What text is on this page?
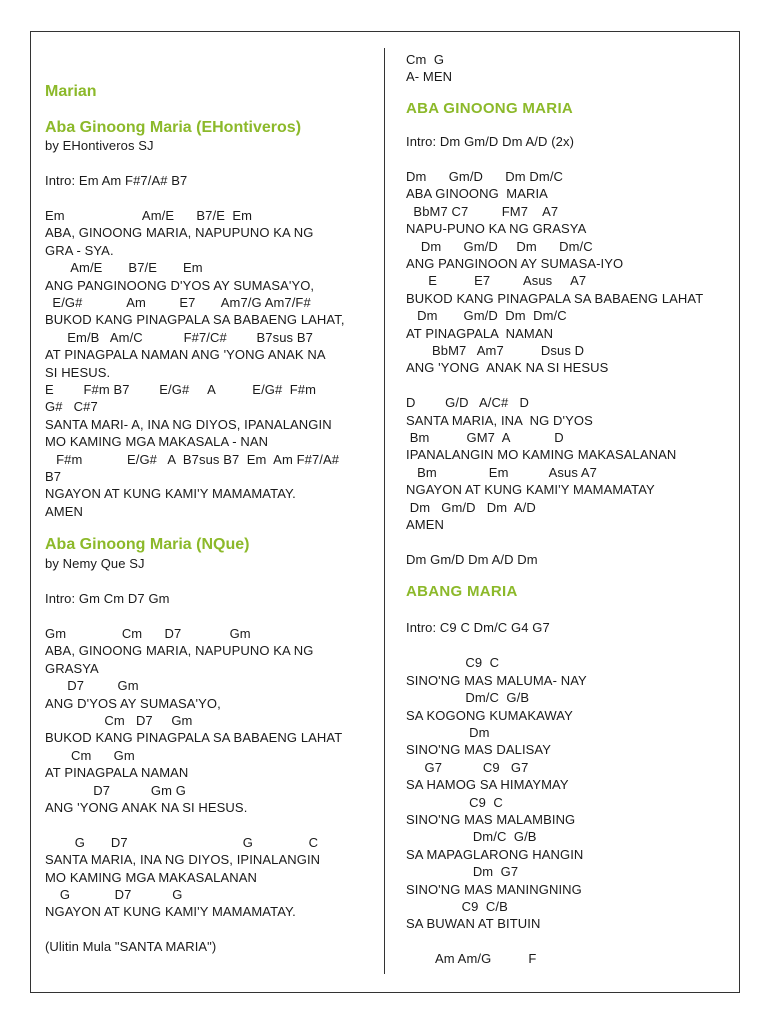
Marian
Aba Ginoong Maria (EHontiveros)
by EHontiveros SJ
Intro: Em Am F#7/A# B7
Em                     Am/E      B7/E  Em
ABA, GINOONG MARIA, NAPUPUNO KA NG
GRA - SYA.
Am/E       B7/E       Em
ANG PANGINOONG D'YOS AY SUMASA'YO,
E/G#            Am         E7       Am7/G Am7/F#
BUKOD KANG PINAGPALA SA BABAENG LAHAT,
Em/B   Am/C           F#7/C#        B7sus B7
AT PINAGPALA NAMAN ANG 'YONG ANAK NA
SI HESUS.
E        F#m B7        E/G#     A          E/G#  F#m
G#   C#7
SANTA MARI- A, INA NG DIYOS, IPANALANGIN
MO KAMING MGA MAKASALA - NAN
F#m            E/G#   A  B7sus B7  Em  Am F#7/A#
B7
NGAYON AT KUNG KAMI'Y MAMAMATAY.
AMEN
Aba Ginoong Maria (NQue)
by Nemy Que SJ
Intro: Gm Cm D7 Gm
Gm               Cm      D7             Gm
ABA, GINOONG MARIA, NAPUPUNO KA NG
GRASYA
D7         Gm
ANG D'YOS AY SUMASA'YO,
Cm   D7     Gm
BUKOD KANG PINAGPALA SA BABAENG LAHAT
Cm      Gm
AT PINAGPALA NAMAN
D7           Gm G
ANG 'YONG ANAK NA SI HESUS.
G       D7                               G               C
SANTA MARIA, INA NG DIYOS, IPINALANGIN
MO KAMING MGA MAKASALANAN
G            D7           G
NGAYON AT KUNG KAMI'Y MAMAMATAY.
(Ulitin Mula "SANTA MARIA")
Cm  G
A- MEN
ABA GINOONG MARIA
Intro: Dm Gm/D Dm A/D (2x)
Dm      Gm/D      Dm Dm/C
ABA GINOONG  MARIA
BbM7 C7         FM7    A7
NAPU-PUNO KA NG GRASYA
Dm      Gm/D     Dm      Dm/C
ANG PANGINOON AY SUMASA-IYO
E          E7         Asus     A7
BUKOD KANG PINAGPALA SA BABAENG LAHAT
Dm       Gm/D  Dm  Dm/C
AT PINAGPALA  NAMAN
BbM7   Am7          Dsus D
ANG 'YONG  ANAK NA SI HESUS
D        G/D   A/C#   D
SANTA MARIA, INA  NG D'YOS
Bm          GM7  A            D
IPANALANGIN MO KAMING MAKASALANAN
Bm              Em           Asus A7
NGAYON AT KUNG KAMI'Y MAMAMATAY
Dm   Gm/D   Dm  A/D
AMEN
Dm Gm/D Dm A/D Dm
ABANG MARIA
Intro: C9 C Dm/C G4 G7
C9  C
SINO'NG MAS MALUMA- NAY
Dm/C  G/B
SA KOGONG KUMAKAWAY
Dm
SINO'NG MAS DALISAY
G7           C9   G7
SA HAMOG SA HIMAYMAY
C9  C
SINO'NG MAS MALAMBING
Dm/C  G/B
SA MAPAGLARONG HANGIN
Dm  G7
SINO'NG MAS MANINGNING
C9  C/B
SA BUWAN AT BITUIN
Am Am/G          F
